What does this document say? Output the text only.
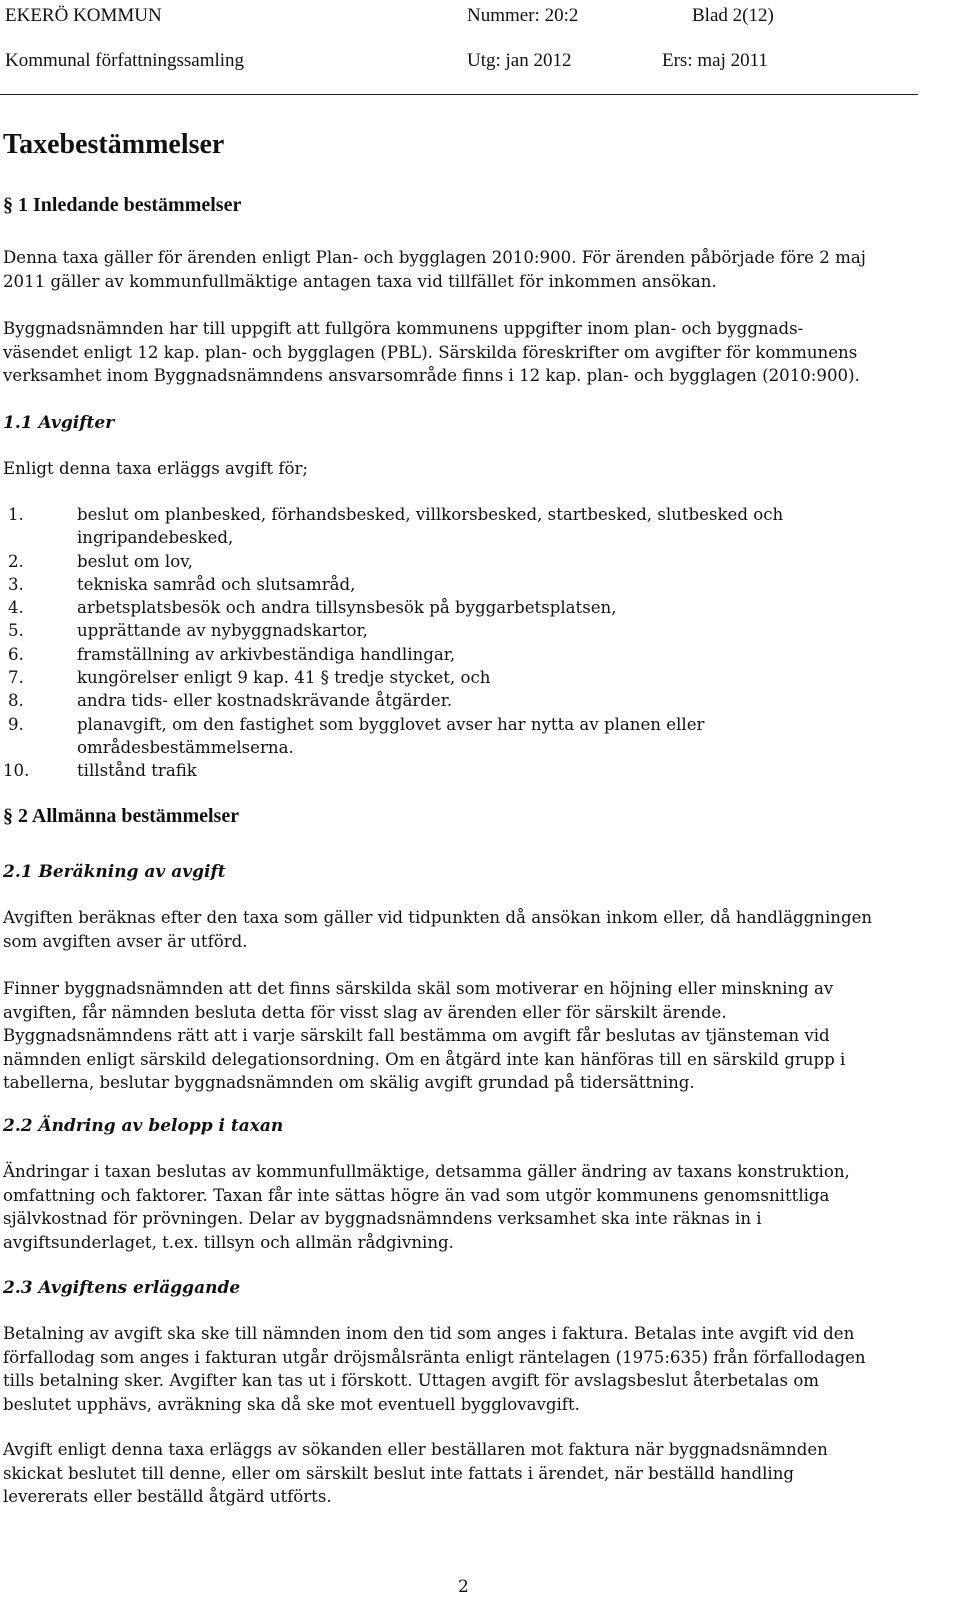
EKERÖ KOMMUN	Nummer: 20:2	Blad 2(12)
Kommunal författningssamling	Utg: jan 2012	Ers: maj 2011
Taxebestämmelser
§ 1 Inledande bestämmelser

Denna taxa gäller för ärenden enligt Plan- och bygglagen 2010:900. För ärenden påbörjade före 2 maj
2011 gäller av kommunfullmäktige antagen taxa vid tillfället för inkommen ansökan.

Byggnadsnämnden har till uppgift att fullgöra kommunens uppgifter inom plan- och byggnads-
väsendet enligt 12 kap. plan- och bygglagen (PBL). Särskilda föreskrifter om avgifter för kommunens
verksamhet inom Byggnadsnämndens ansvarsområde finns i 12 kap. plan- och bygglagen (2010:900).

1.1 Avgifter

Enligt denna taxa erläggs avgift för;

1.	beslut om planbesked, förhandsbesked, villkorsbesked, startbesked, slutbesked och
ingripandebesked,
2.	beslut om lov,
3.	tekniska samråd och slutsamråd,
4.	arbetsplatsbesök och andra tillsynsbesök på byggarbetsplatsen,
5.	upprättande av nybyggnadskartor,
6.	framställning av arkivbeständiga handlingar,
7.	kungörelser enligt 9 kap. 41 § tredje stycket, och
8.	andra tids- eller kostnadskrävande åtgärder.
9.	planavgift, om den fastighet som bygglovet avser har nytta av planen eller
områdesbestämmelserna.
10.	tillstånd trafik
§ 2 Allmänna bestämmelser
2.1 Beräkning av avgift

Avgiften beräknas efter den taxa som gäller vid tidpunkten då ansökan inkom eller, då handläggningen
som avgiften avser är utförd.

Finner byggnadsnämnden att det finns särskilda skäl som motiverar en höjning eller minskning av
avgiften, får nämnden besluta detta för visst slag av ärenden eller för särskilt ärende.
Byggnadsnämndens rätt att i varje särskilt fall bestämma om avgift får beslutas av tjänsteman vid
nämnden enligt särskild delegationsordning. Om en åtgärd inte kan hänföras till en särskild grupp i
tabellerna, beslutar byggnadsnämnden om skälig avgift grundad på tidersättning.

2.2 Ändring av belopp i taxan

Ändringar i taxan beslutas av kommunfullmäktige, detsamma gäller ändring av taxans konstruktion,
omfattning och faktorer. Taxan får inte sättas högre än vad som utgör kommunens genomsnittliga
självkostnad för prövningen. Delar av byggnadsnämndens verksamhet ska inte räknas in i
avgiftsunderlaget, t.ex. tillsyn och allmän rådgivning.

2.3 Avgiftens erläggande

Betalning av avgift ska ske till nämnden inom den tid som anges i faktura. Betalas inte avgift vid den
förfallodag som anges i fakturan utgår dröjsmålsränta enligt räntelagen (1975:635) från förfallodagen
tills betalning sker. Avgifter kan tas ut i förskott. Uttagen avgift för avslagsbeslut återbetalas om
beslutet upphävs, avräkning ska då ske mot eventuell bygglovavgift.

Avgift enligt denna taxa erläggs av sökanden eller beställaren mot faktura när byggnadsnämnden
skickat beslutet till denne, eller om särskilt beslut inte fattats i ärendet, när beställd handling
levererats eller beställd åtgärd utförts.

2
